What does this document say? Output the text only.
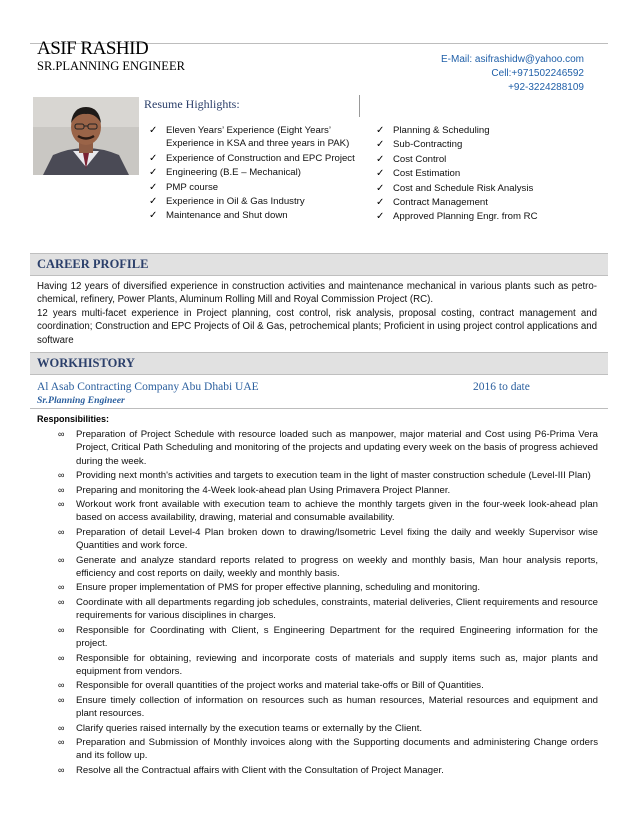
ASIF RASHID
SR.PLANNING ENGINEER	E-Mail: asifrashidw@yahoo.com
Cell:+971502246592
+92-3224288109
Resume Highlights:
✓ Eleven Years’ Experience (Eight Years’ Experience in KSA and three years in PAK)
✓ Experience of Construction and EPC Project
✓ Engineering (B.E – Mechanical)
✓ PMP course
✓ Experience in Oil & Gas Industry
✓ Maintenance and Shut down
✓ Planning & Scheduling
✓ Sub-Contracting
✓ Cost Control
✓ Cost Estimation
✓ Cost and Schedule Risk Analysis
✓ Contract Management
✓ Approved Planning Engr. from RC
CAREER PROFILE
Having 12 years of diversified experience in construction activities and maintenance mechanical in various plants such as petro-chemical, refinery, Power Plants, Aluminum Rolling Mill and Royal Commission Project (RC).
12 years multi-facet experience in Project planning, cost control, risk analysis, proposal costing, contract management and coordination; Construction and EPC Projects of Oil & Gas, petrochemical plants; Proficient in using project control applications and software
WORKHISTORY
Al Asab Contracting Company Abu Dhabi UAE	2016 to date
Sr.Planning Engineer
Responsibilities:
∞ Preparation of Project Schedule with resource loaded such as manpower, major material and Cost using P6-Prima Vera Project, Critical Path Scheduling and monitoring of the projects and updating every week on the basis of progress achieved during the week.
∞ Providing next month's activities and targets to execution team in the light of master construction schedule (Level-III Plan)
∞ Preparing and monitoring the 4-Week look-ahead plan Using Primavera Project Planner.
∞ Workout work front available with execution team to achieve the monthly targets given in the four-week look-ahead plan based on access availability, drawing, material and consumable availability.
∞ Preparation of detail Level-4 Plan broken down to drawing/Isometric Level fixing the daily and weekly Supervisor wise Quantities and work force.
∞ Generate and analyze standard reports related to progress on weekly and monthly basis, Man hour analysis reports, efficiency and cost reports on daily, weekly and monthly basis.
∞ Ensure proper implementation of PMS for proper effective planning, scheduling and monitoring.
∞ Coordinate with all departments regarding job schedules, constraints, material deliveries, Client requirements and resource requirements for various disciplines in charges.
∞ Responsible for Coordinating with Client, s Engineering Department for the required Engineering information for the project.
∞ Responsible for obtaining, reviewing and incorporate costs of materials and supply items such as, major plants and equipment from vendors.
∞ Responsible for overall quantities of the project works and material take-offs or Bill of Quantities.
∞ Ensure timely collection of information on resources such as human resources, Material resources and equipment and plant resources.
∞ Clarify queries raised internally by the execution teams or externally by the Client.
∞ Preparation and Submission of Monthly invoices along with the Supporting documents and administering Change orders and its follow up.
∞ Resolve all the Contractual affairs with Client with the Consultation of Project Manager.
